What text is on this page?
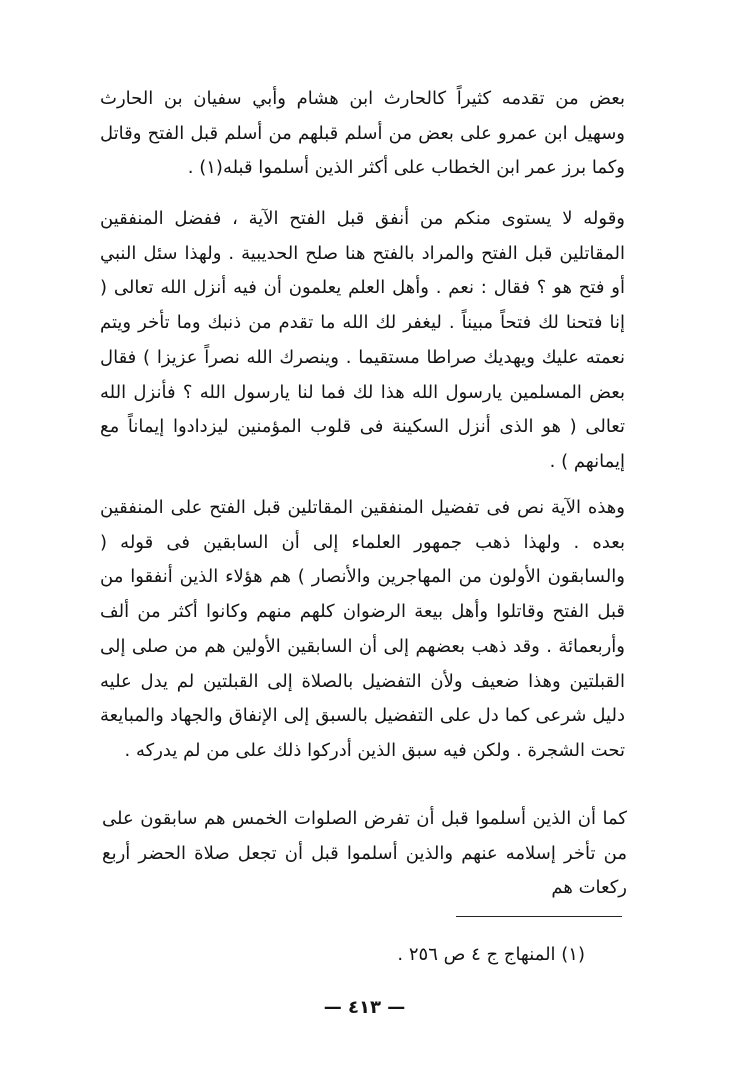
بعض من تقدمه كثيراً كالحارث ابن هشام وأبي سفيان بن الحارث وسهيل ابن عمرو على بعض من أسلم قبلهم من أسلم قبل الفتح وقاتل وكما برز عمر ابن الخطاب على أكثر الذين أسلموا قبله(١) .

وقوله لا يستوى منكم من أنفق قبل الفتح الآية ، ففضل المنفقين المقاتلين قبل الفتح والمراد بالفتح هنا صلح الحديبية . ولهذا سئل النبي أو فتح هو ؟ فقال : نعم . وأهل العلم يعلمون أن فيه أنزل الله تعالى ( إنا فتحنا لك فتحاً مبيناً . ليغفر لك الله ما تقدم من ذنبك وما تأخر ويتم نعمته عليك ويهديك صراطا مستقيما . وينصرك الله نصراً عزيزا ) فقال بعض المسلمين يارسول الله هذا لك فما لنا يارسول الله ؟ فأنزل الله تعالى ( هو الذى أنزل السكينة فى قلوب المؤمنين ليزدادوا إيماناً مع إيمانهم ) .

وهذه الآية نص فى تفضيل المنفقين المقاتلين قبل الفتح على المنفقين بعده . ولهذا ذهب جمهور العلماء إلى أن السابقين فى قوله ( والسابقون الأولون من المهاجرين والأنصار ) هم هؤلاء الذين أنفقوا من قبل الفتح وقاتلوا وأهل بيعة الرضوان كلهم منهم وكانوا أكثر من ألف وأربعمائة . وقد ذهب بعضهم إلى أن السابقين الأولين هم من صلى إلى القبلتين وهذا ضعيف ولأن التفضيل بالصلاة إلى القبلتين لم يدل عليه دليل شرعى كما دل على التفضيل بالسبق إلى الإنفاق والجهاد والمبايعة تحت الشجرة . ولكن فيه سبق الذين أدركوا ذلك على من لم يدركه .

كما أن الذين أسلموا قبل أن تفرض الصلوات الخمس هم سابقون على من تأخر إسلامه عنهم والذين أسلموا قبل أن تجعل صلاة الحضر أربع ركعات هم

(١) المنهاج ج ٤ ص ٢٥٦ .
— ٤١٣ —
